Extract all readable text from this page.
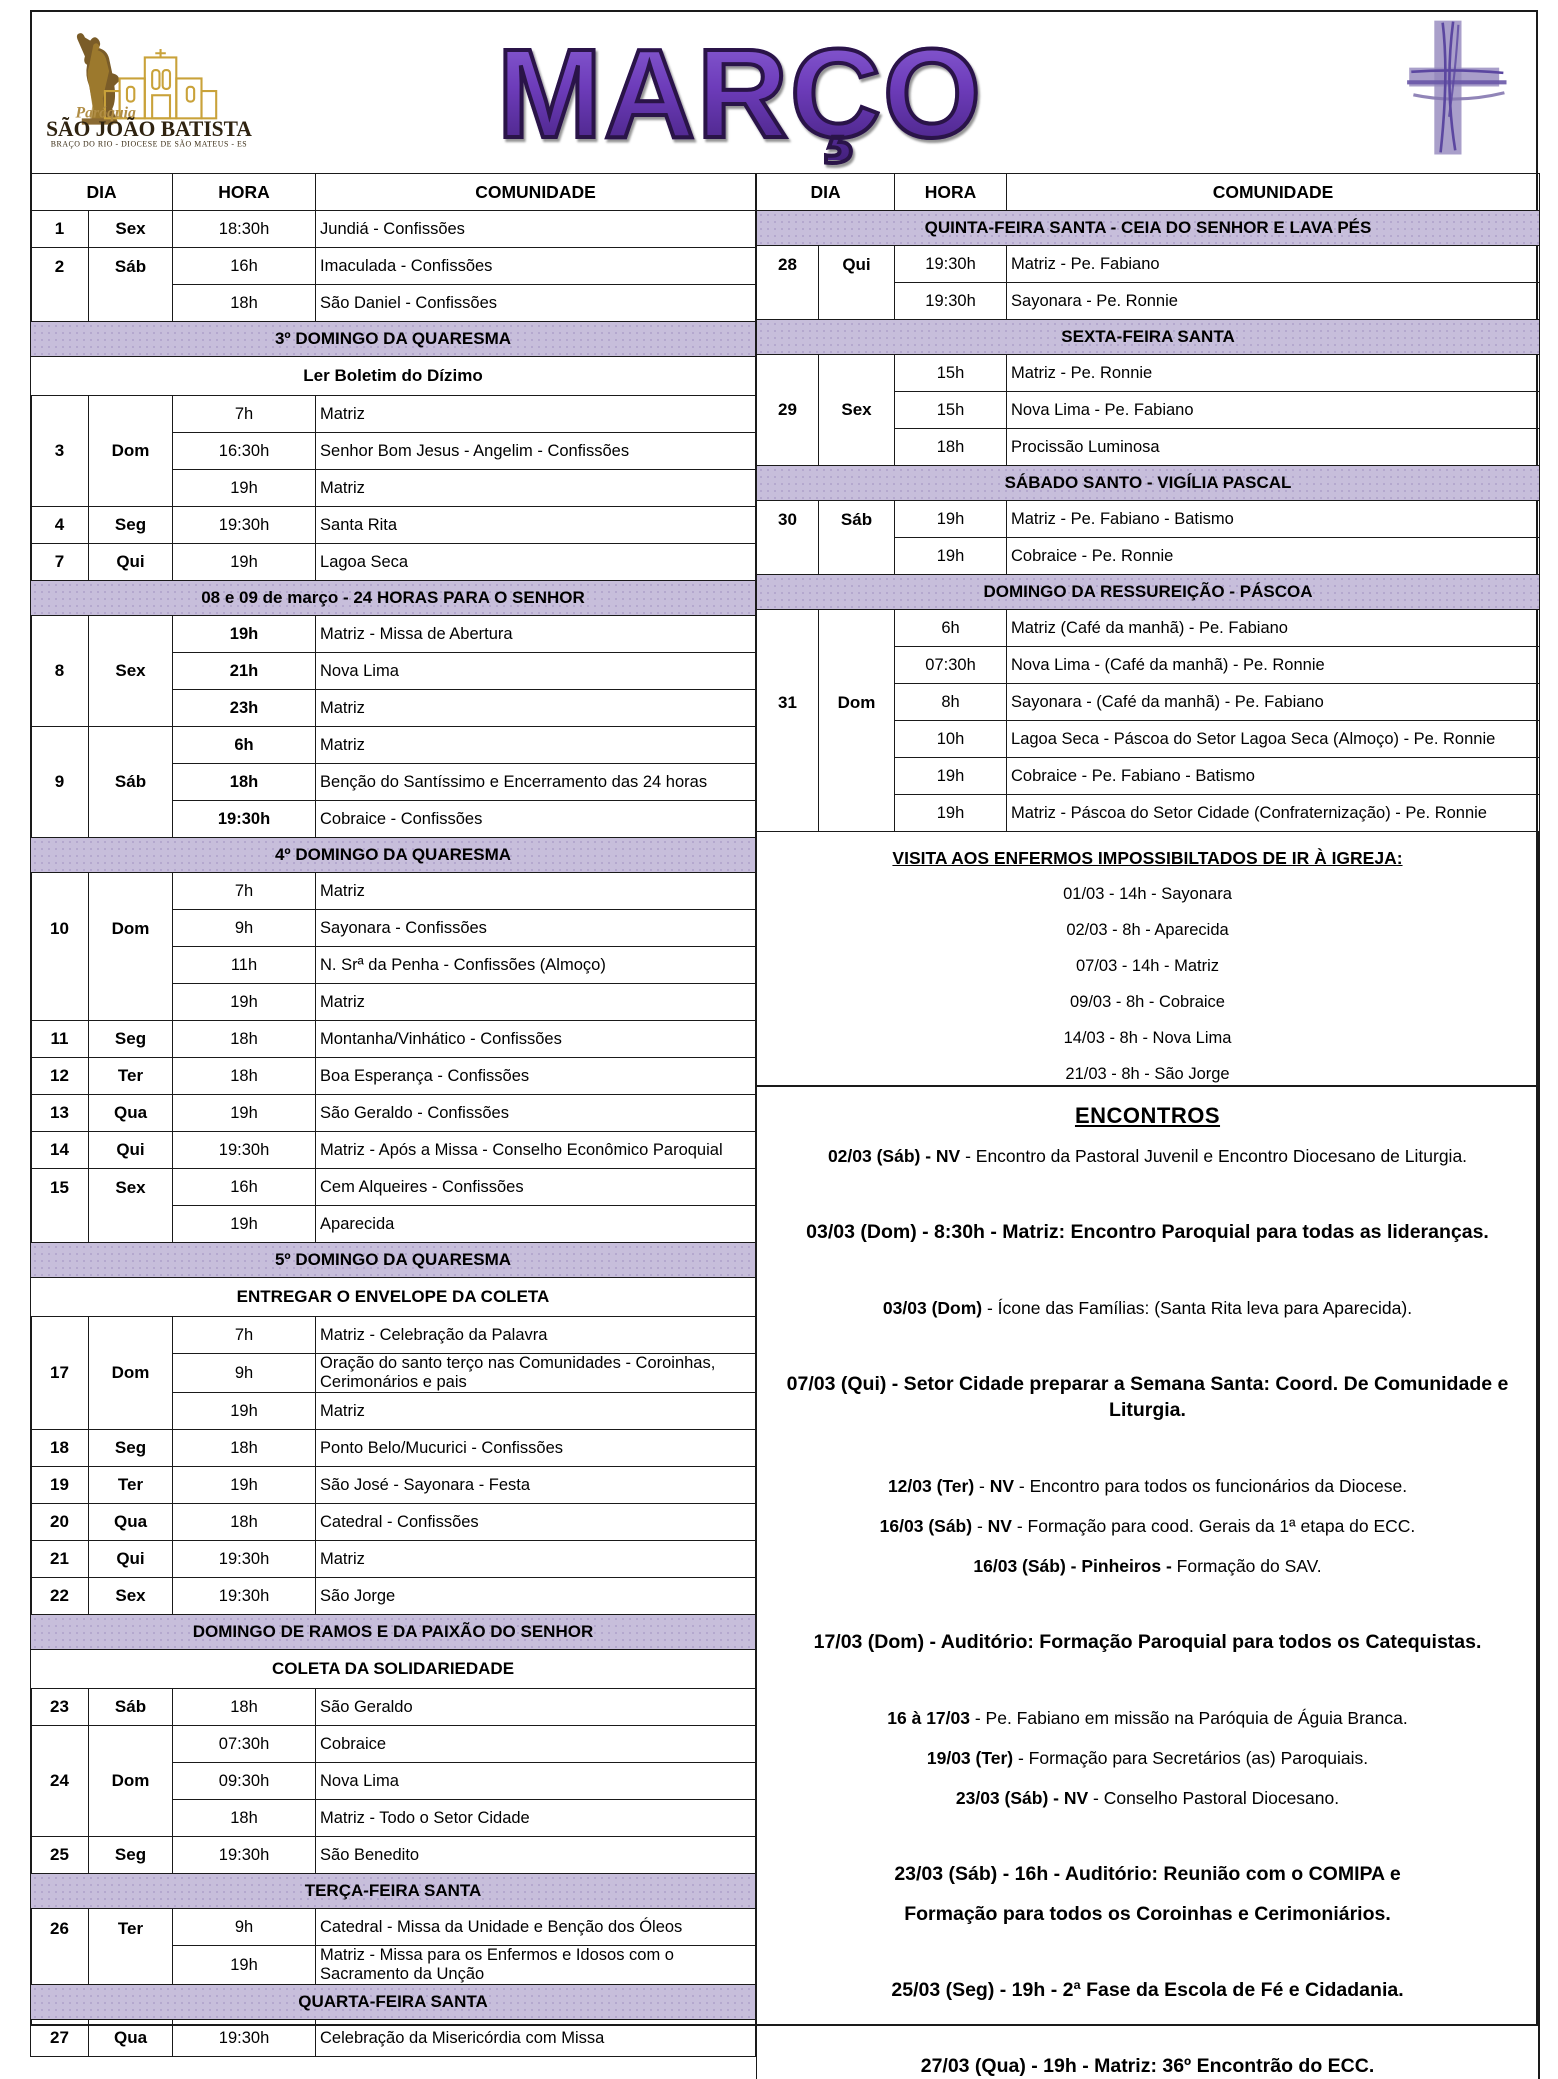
Paróquia
SÃO JOÃO BATISTA
BRAÇO DO RIO - DIOCESE DE SÃO MATEUS - ES	MARÇO
DIA		HORA	COMUNIDADE
1	Sex	18:30h	Jundiá - Confissões
2	Sáb	16h	Imaculada - Confissões
		18h	São Daniel - Confissões
3º DOMINGO DA QUARESMA			
Ler Boletim do Dízimo			
3	Dom	7h	Matriz
		16:30h	Senhor Bom Jesus - Angelim - Confissões
		19h	Matriz
4	Seg	19:30h	Santa Rita
7	Qui	19h	Lagoa Seca
08 e 09 de março - 24 HORAS PARA O SENHOR			
8	Sex	19h	Matriz - Missa de Abertura
		21h	Nova Lima
		23h	Matriz
9	Sáb	6h	Matriz
		18h	Benção do Santíssimo e Encerramento das 24 horas
		19:30h	Cobraice - Confissões
4º DOMINGO DA QUARESMA			
10	Dom	7h	Matriz
		9h	Sayonara - Confissões
		11h	N. Srª da Penha - Confissões (Almoço)
		19h	Matriz
11	Seg	18h	Montanha/Vinhático - Confissões
12	Ter	18h	Boa Esperança - Confissões
13	Qua	19h	São Geraldo - Confissões
14	Qui	19:30h	Matriz - Após a Missa - Conselho Econômico Paroquial
15	Sex	16h	Cem Alqueires - Confissões
		19h	Aparecida
5º DOMINGO DA QUARESMA			
ENTREGAR O ENVELOPE DA COLETA			
17	Dom	7h	Matriz - Celebração da Palavra
		9h	Oração do santo terço nas Comunidades - Coroinhas, Cerimonários e pais
		19h	Matriz
18	Seg	18h	Ponto Belo/Mucurici - Confissões
19	Ter	19h	São José - Sayonara - Festa
20	Qua	18h	Catedral - Confissões
21	Qui	19:30h	Matriz
22	Sex	19:30h	São Jorge
DOMINGO DE RAMOS E DA PAIXÃO DO SENHOR			
COLETA DA SOLIDARIEDADE			
23	Sáb	18h	São Geraldo
24	Dom	07:30h	Cobraice
		09:30h	Nova Lima
		18h	Matriz - Todo o Setor Cidade
25	Seg	19:30h	São Benedito
TERÇA-FEIRA SANTA			
26	Ter	9h	Catedral - Missa da Unidade e Benção dos Óleos
		19h	Matriz - Missa para os Enfermos e Idosos com o Sacramento da Unção
QUARTA-FEIRA SANTA			
27	Qua	19:30h	Celebração da Misericórdia com Missa
DIA		HORA	COMUNIDADE
QUINTA-FEIRA SANTA - CEIA DO SENHOR E LAVA PÉS			
28	Qui	19:30h	Matriz - Pe. Fabiano
		19:30h	Sayonara - Pe. Ronnie
SEXTA-FEIRA SANTA			
29	Sex	15h	Matriz - Pe. Ronnie
		15h	Nova Lima - Pe. Fabiano
		18h	Procissão Luminosa
SÁBADO SANTO - VIGÍLIA PASCAL			
30	Sáb	19h	Matriz - Pe. Fabiano - Batismo
		19h	Cobraice - Pe. Ronnie
DOMINGO DA RESSUREIÇÃO - PÁSCOA			
31	Dom	6h	Matriz (Café da manhã) - Pe. Fabiano
		07:30h	Nova Lima - (Café da manhã) - Pe. Ronnie
		8h	Sayonara - (Café da manhã) - Pe. Fabiano
		10h	Lagoa Seca - Páscoa do Setor Lagoa Seca (Almoço) - Pe. Ronnie
		19h	Cobraice - Pe. Fabiano - Batismo
		19h	Matriz - Páscoa do Setor Cidade (Confraternização) - Pe. Ronnie
VISITA AOS ENFERMOS IMPOSSIBILTADOS DE IR À IGREJA:
01/03 - 14h - Sayonara
02/03 - 8h - Aparecida
07/03 - 14h - Matriz
09/03 - 8h - Cobraice
14/03 - 8h - Nova Lima
21/03 - 8h - São Jorge
ENCONTROS
02/03 (Sáb) - NV - Encontro da Pastoral Juvenil e Encontro Diocesano de Liturgia.
03/03 (Dom) - 8:30h - Matriz: Encontro Paroquial para todas as lideranças.
03/03 (Dom) - Ícone das Famílias: (Santa Rita leva para Aparecida).
07/03 (Qui) - Setor Cidade preparar a Semana Santa: Coord. De Comunidade e Liturgia.
12/03 (Ter) - NV - Encontro para todos os funcionários da Diocese.
16/03 (Sáb) - NV - Formação para cood. Gerais da 1ª etapa do ECC.
16/03 (Sáb) - Pinheiros - Formação do SAV.
17/03 (Dom) - Auditório: Formação Paroquial para todos os Catequistas.
16 à 17/03 - Pe. Fabiano em missão na Paróquia de Águia Branca.
19/03 (Ter) - Formação para Secretários (as) Paroquiais.
23/03 (Sáb) - NV - Conselho Pastoral Diocesano.
23/03 (Sáb) - 16h - Auditório: Reunião com o COMIPA e
Formação para todos os Coroinhas e Cerimoniários.
25/03 (Seg) - 19h - 2ª Fase da Escola de Fé e Cidadania.
27/03 (Qua) - 19h - Matriz: 36º Encontrão do ECC.
